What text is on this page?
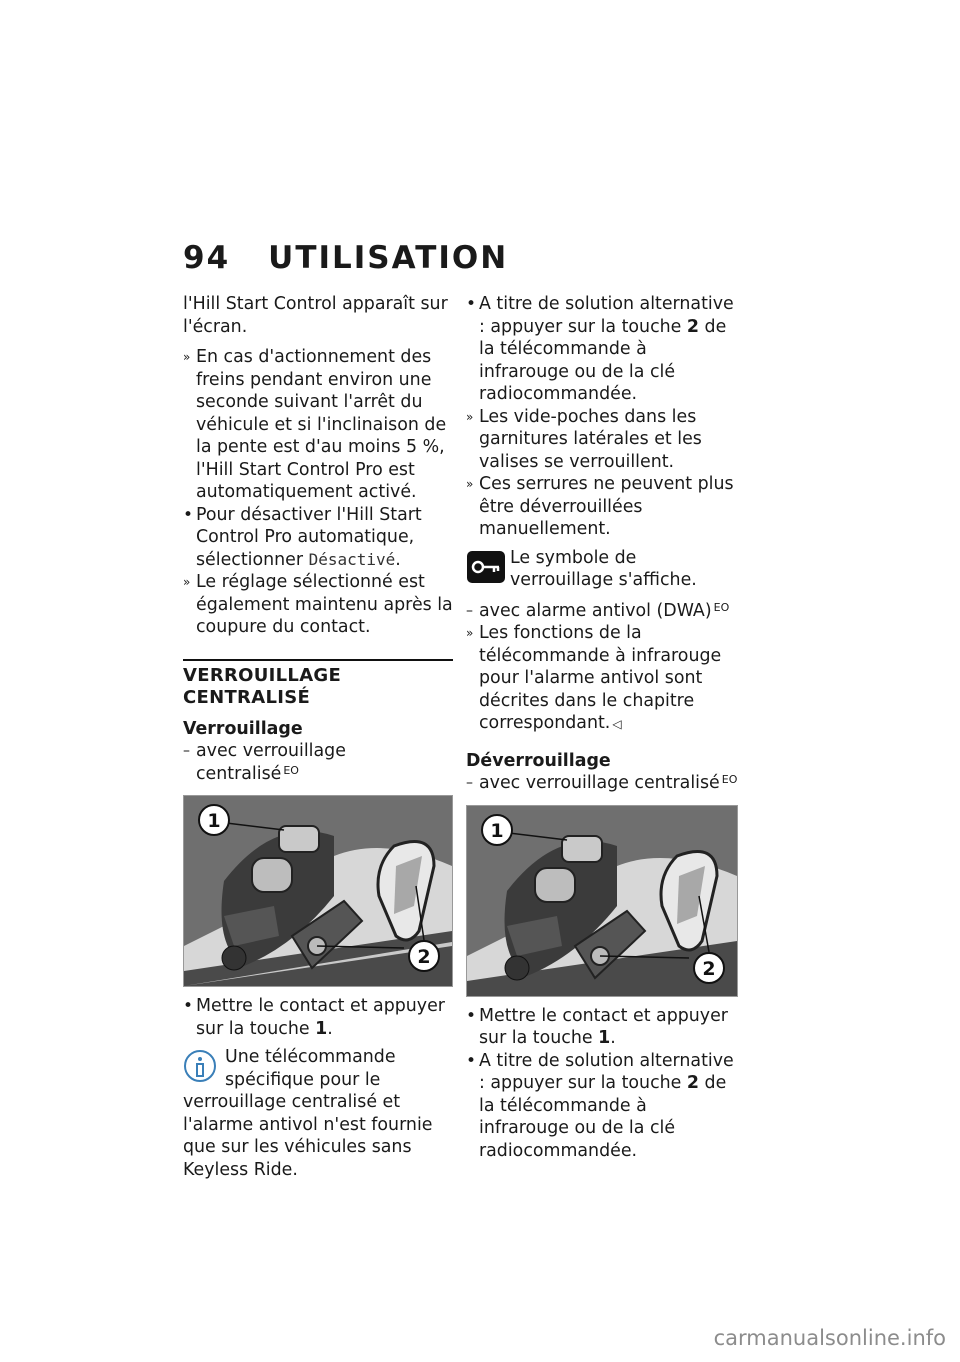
94 UTILISATION

l'Hill Start Control apparaît sur l'écran.

» En cas d'actionnement des freins pendant environ une seconde suivant l'arrêt du véhicule et si l'inclinaison de la pente est d'au moins 5 %, l'Hill Start Control Pro est automatiquement activé.

• Pour désactiver l'Hill Start Control Pro automatique, sélectionner Désactivé.

» Le réglage sélectionné est également maintenu après la coupure du contact.

VERROUILLAGE CENTRALISÉ
Verrouillage

– avec verrouillage centralisé $^{EO}$

1
2

• Mettre le contact et appuyer sur la touche 1.

Une télécommande spécifique pour le verrouillage centralisé et l'alarme antivol n'est fournie que sur les véhicules sans Keyless Ride.

• A titre de solution alternative : appuyer sur la touche 2 de la télécommande à infrarouge ou de la clé radiocommandée.

» Les vide-poches dans les garnitures latérales et les valises se verrouillent.

» Ces serrures ne peuvent plus être déverrouillées manuellement.

Le symbole de verrouillage s'affiche.

– avec alarme antivol (DWA) $^{EO}$

» Les fonctions de la télécommande à infrarouge pour l'alarme antivol sont décrites dans le chapitre correspondant. ◁

Déverrouillage

– avec verrouillage centralisé $^{EO}$

1
2

• Mettre le contact et appuyer sur la touche 1.

• A titre de solution alternative : appuyer sur la touche 2 de la télécommande à infrarouge ou de la clé radiocommandée.

carmanualsonline.info
